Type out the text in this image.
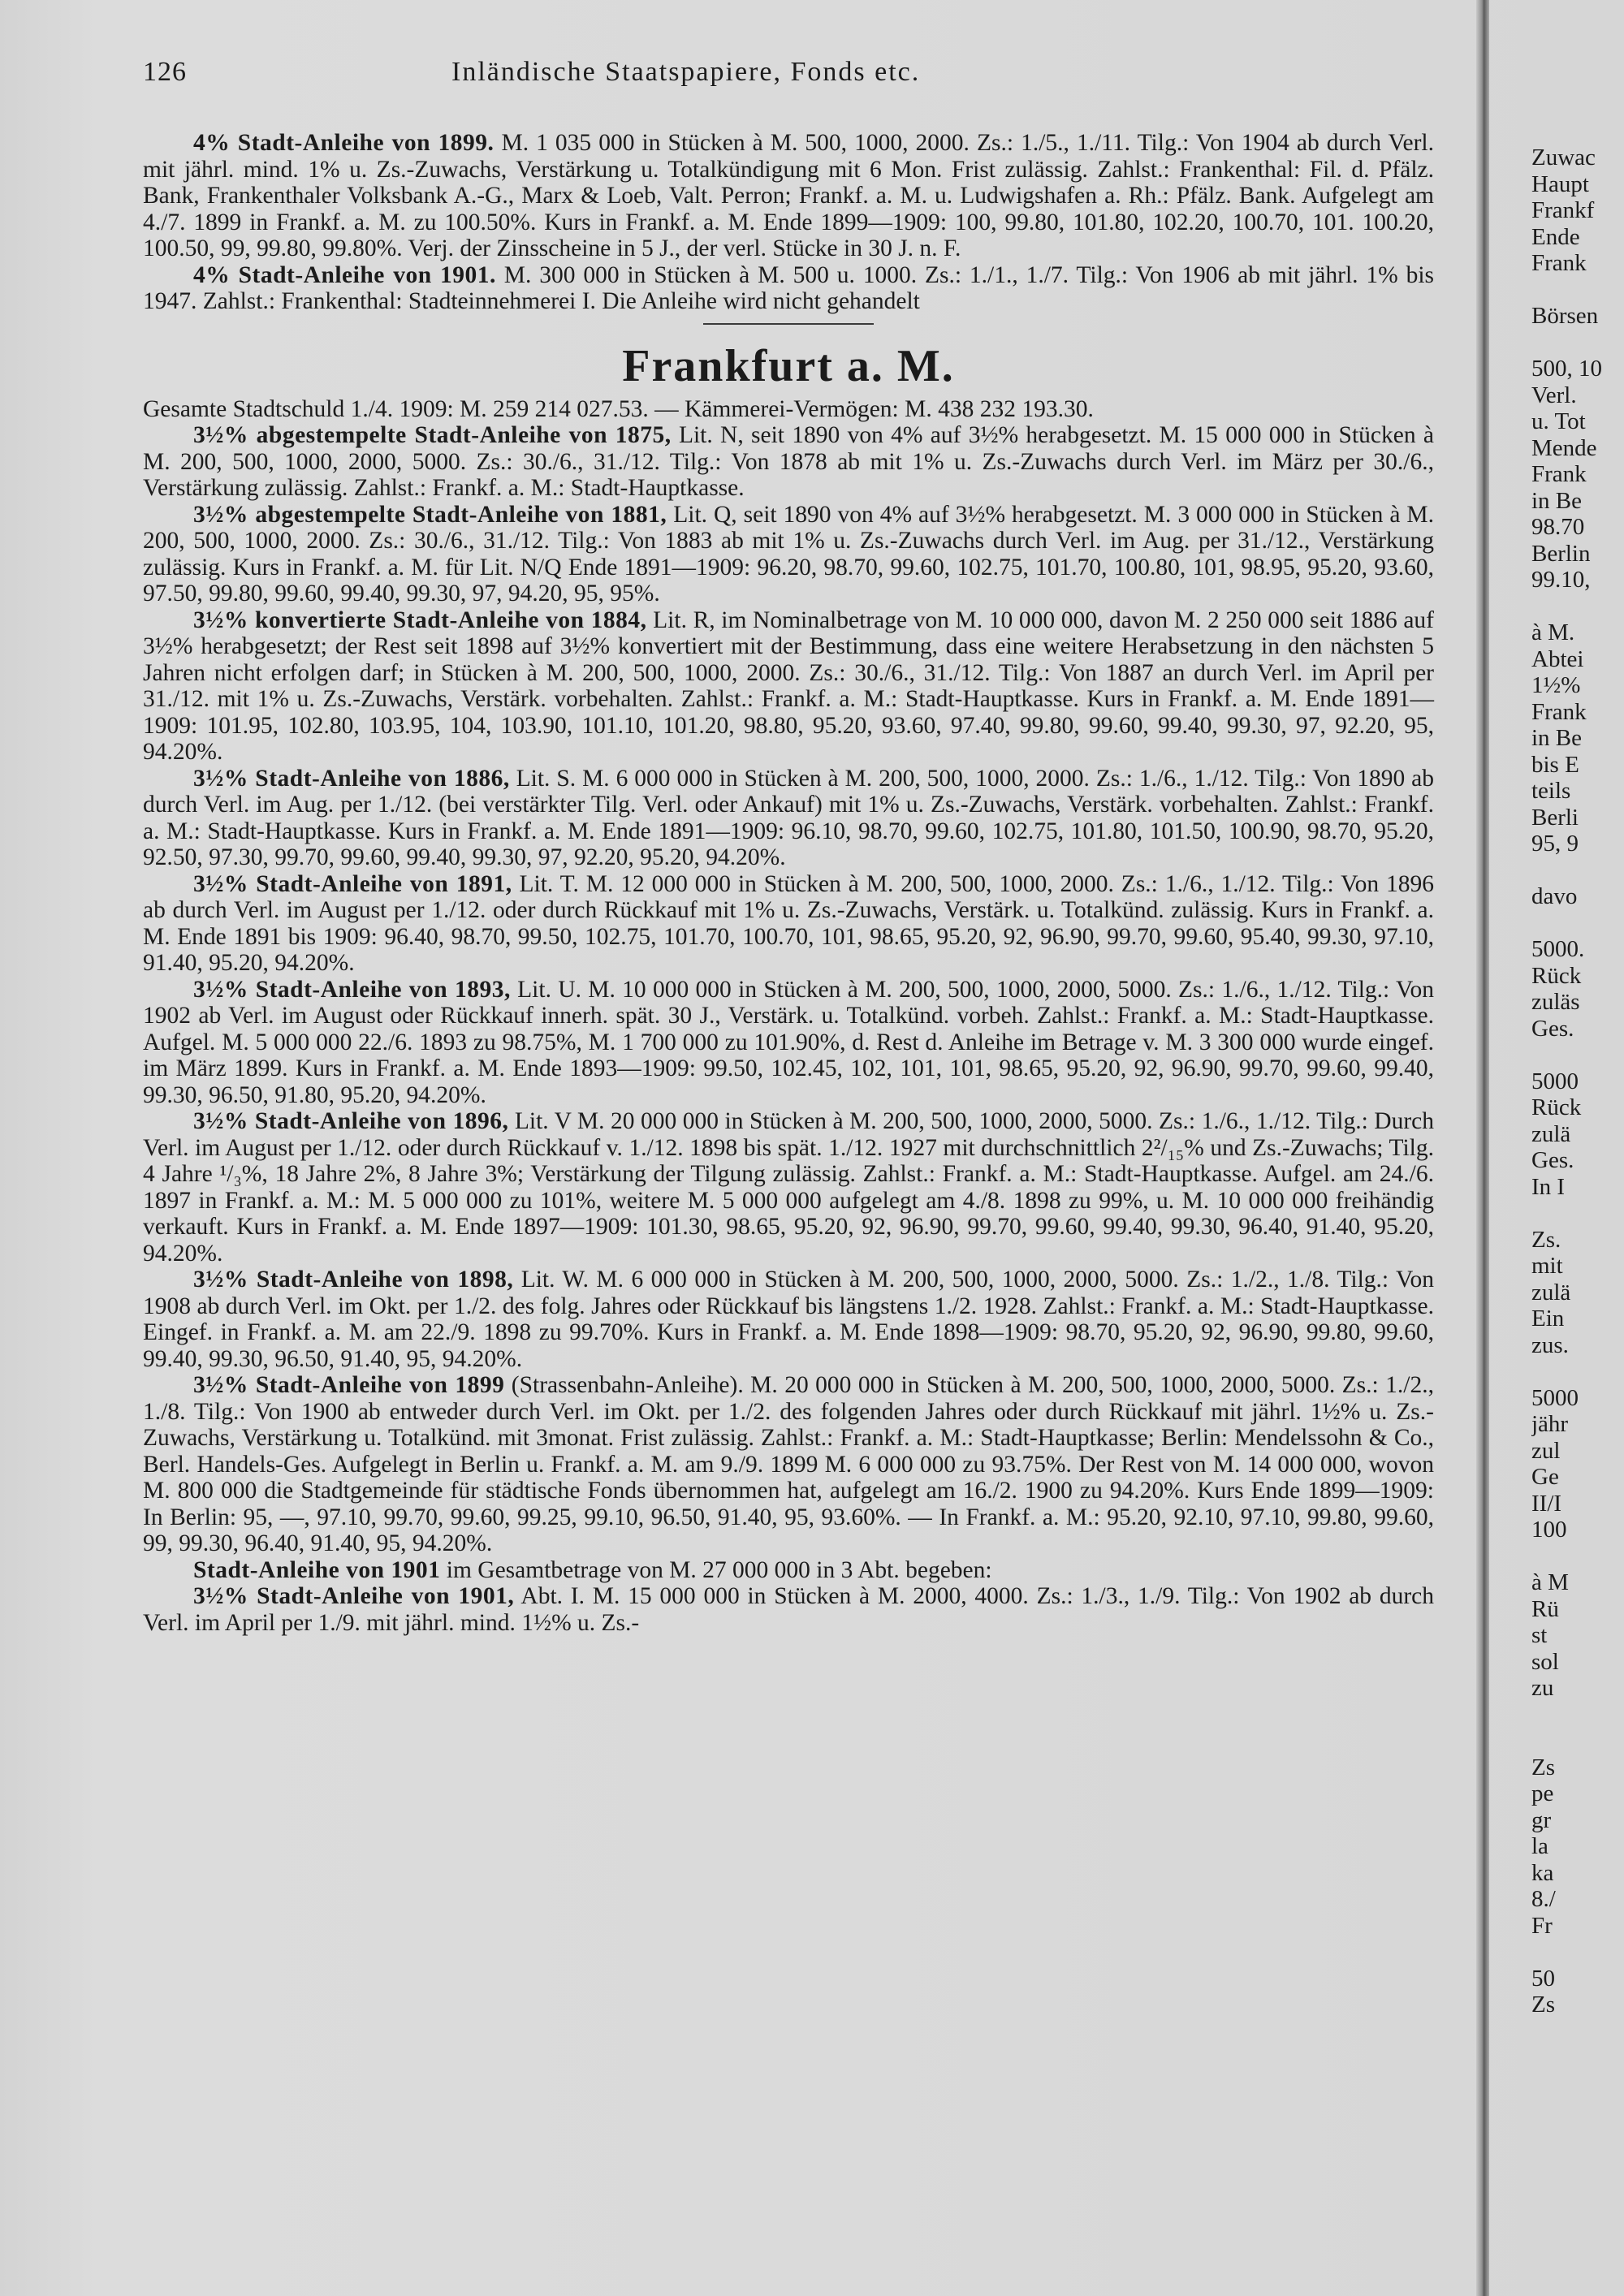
126	Inländische Staatspapiere, Fonds etc.

4% Stadt-Anleihe von 1899. M. 1 035 000 in Stücken à M. 500, 1000, 2000. Zs.: 1./5., 1./11. Tilg.: Von 1904 ab durch Verl. mit jährl. mind. 1% u. Zs.-Zuwachs, Verstärkung u. Totalkündigung mit 6 Mon. Frist zulässig. Zahlst.: Frankenthal: Fil. d. Pfälz. Bank, Frankenthaler Volksbank A.-G., Marx & Loeb, Valt. Perron; Frankf. a. M. u. Ludwigshafen a. Rh.: Pfälz. Bank. Aufgelegt am 4./7. 1899 in Frankf. a. M. zu 100.50%. Kurs in Frankf. a. M. Ende 1899—1909: 100, 99.80, 101.80, 102.20, 100.70, 101. 100.20, 100.50, 99, 99.80, 99.80%. Verj. der Zinsscheine in 5 J., der verl. Stücke in 30 J. n. F.

4% Stadt-Anleihe von 1901. M. 300 000 in Stücken à M. 500 u. 1000. Zs.: 1./1., 1./7. Tilg.: Von 1906 ab mit jährl. 1% bis 1947. Zahlst.: Frankenthal: Stadteinnehmerei I. Die Anleihe wird nicht gehandelt

Frankfurt a. M.

Gesamte Stadtschuld 1./4. 1909: M. 259 214 027.53. — Kämmerei-Vermögen: M. 438 232 193.30.

3½% abgestempelte Stadt-Anleihe von 1875, Lit. N, seit 1890 von 4% auf 3½% herabgesetzt. M. 15 000 000 in Stücken à M. 200, 500, 1000, 2000, 5000. Zs.: 30./6., 31./12. Tilg.: Von 1878 ab mit 1% u. Zs.-Zuwachs durch Verl. im März per 30./6., Verstärkung zulässig. Zahlst.: Frankf. a. M.: Stadt-Hauptkasse.

3½% abgestempelte Stadt-Anleihe von 1881, Lit. Q, seit 1890 von 4% auf 3½% herabgesetzt. M. 3 000 000 in Stücken à M. 200, 500, 1000, 2000. Zs.: 30./6., 31./12. Tilg.: Von 1883 ab mit 1% u. Zs.-Zuwachs durch Verl. im Aug. per 31./12., Verstärkung zulässig. Kurs in Frankf. a. M. für Lit. N/Q Ende 1891—1909: 96.20, 98.70, 99.60, 102.75, 101.70, 100.80, 101, 98.95, 95.20, 93.60, 97.50, 99.80, 99.60, 99.40, 99.30, 97, 94.20, 95, 95%.

3½% konvertierte Stadt-Anleihe von 1884, Lit. R, im Nominalbetrage von M. 10 000 000, davon M. 2 250 000 seit 1886 auf 3½% herabgesetzt; der Rest seit 1898 auf 3½% konvertiert mit der Bestimmung, dass eine weitere Herabsetzung in den nächsten 5 Jahren nicht erfolgen darf; in Stücken à M. 200, 500, 1000, 2000. Zs.: 30./6., 31./12. Tilg.: Von 1887 an durch Verl. im April per 31./12. mit 1% u. Zs.-Zuwachs, Verstärk. vorbehalten. Zahlst.: Frankf. a. M.: Stadt-Hauptkasse. Kurs in Frankf. a. M. Ende 1891—1909: 101.95, 102.80, 103.95, 104, 103.90, 101.10, 101.20, 98.80, 95.20, 93.60, 97.40, 99.80, 99.60, 99.40, 99.30, 97, 92.20, 95, 94.20%.

3½% Stadt-Anleihe von 1886, Lit. S. M. 6 000 000 in Stücken à M. 200, 500, 1000, 2000. Zs.: 1./6., 1./12. Tilg.: Von 1890 ab durch Verl. im Aug. per 1./12. (bei verstärkter Tilg. Verl. oder Ankauf) mit 1% u. Zs.-Zuwachs, Verstärk. vorbehalten. Zahlst.: Frankf. a. M.: Stadt-Hauptkasse. Kurs in Frankf. a. M. Ende 1891—1909: 96.10, 98.70, 99.60, 102.75, 101.80, 101.50, 100.90, 98.70, 95.20, 92.50, 97.30, 99.70, 99.60, 99.40, 99.30, 97, 92.20, 95.20, 94.20%.

3½% Stadt-Anleihe von 1891, Lit. T. M. 12 000 000 in Stücken à M. 200, 500, 1000, 2000. Zs.: 1./6., 1./12. Tilg.: Von 1896 ab durch Verl. im August per 1./12. oder durch Rückkauf mit 1% u. Zs.-Zuwachs, Verstärk. u. Totalkünd. zulässig. Kurs in Frankf. a. M. Ende 1891 bis 1909: 96.40, 98.70, 99.50, 102.75, 101.70, 100.70, 101, 98.65, 95.20, 92, 96.90, 99.70, 99.60, 95.40, 99.30, 97.10, 91.40, 95.20, 94.20%.

3½% Stadt-Anleihe von 1893, Lit. U. M. 10 000 000 in Stücken à M. 200, 500, 1000, 2000, 5000. Zs.: 1./6., 1./12. Tilg.: Von 1902 ab Verl. im August oder Rückkauf innerh. spät. 30 J., Verstärk. u. Totalkünd. vorbeh. Zahlst.: Frankf. a. M.: Stadt-Hauptkasse. Aufgel. M. 5 000 000 22./6. 1893 zu 98.75%, M. 1 700 000 zu 101.90%, d. Rest d. Anleihe im Betrage v. M. 3 300 000 wurde eingef. im März 1899. Kurs in Frankf. a. M. Ende 1893—1909: 99.50, 102.45, 102, 101, 101, 98.65, 95.20, 92, 96.90, 99.70, 99.60, 99.40, 99.30, 96.50, 91.80, 95.20, 94.20%.

3½% Stadt-Anleihe von 1896, Lit. V M. 20 000 000 in Stücken à M. 200, 500, 1000, 2000, 5000. Zs.: 1./6., 1./12. Tilg.: Durch Verl. im August per 1./12. oder durch Rückkauf v. 1./12. 1898 bis spät. 1./12. 1927 mit durchschnittlich 2²/₁₅% und Zs.-Zuwachs; Tilg. 4 Jahre ¹/₃%, 18 Jahre 2%, 8 Jahre 3%; Verstärkung der Tilgung zulässig. Zahlst.: Frankf. a. M.: Stadt-Hauptkasse. Aufgel. am 24./6. 1897 in Frankf. a. M.: M. 5 000 000 zu 101%, weitere M. 5 000 000 aufgelegt am 4./8. 1898 zu 99%, u. M. 10 000 000 freihändig verkauft. Kurs in Frankf. a. M. Ende 1897—1909: 101.30, 98.65, 95.20, 92, 96.90, 99.70, 99.60, 99.40, 99.30, 96.40, 91.40, 95.20, 94.20%.

3½% Stadt-Anleihe von 1898, Lit. W. M. 6 000 000 in Stücken à M. 200, 500, 1000, 2000, 5000. Zs.: 1./2., 1./8. Tilg.: Von 1908 ab durch Verl. im Okt. per 1./2. des folg. Jahres oder Rückkauf bis längstens 1./2. 1928. Zahlst.: Frankf. a. M.: Stadt-Hauptkasse. Eingef. in Frankf. a. M. am 22./9. 1898 zu 99.70%. Kurs in Frankf. a. M. Ende 1898—1909: 98.70, 95.20, 92, 96.90, 99.80, 99.60, 99.40, 99.30, 96.50, 91.40, 95, 94.20%.

3½% Stadt-Anleihe von 1899 (Strassenbahn-Anleihe). M. 20 000 000 in Stücken à M. 200, 500, 1000, 2000, 5000. Zs.: 1./2., 1./8. Tilg.: Von 1900 ab entweder durch Verl. im Okt. per 1./2. des folgenden Jahres oder durch Rückkauf mit jährl. 1½% u. Zs.-Zuwachs, Verstärkung u. Totalkünd. mit 3monat. Frist zulässig. Zahlst.: Frankf. a. M.: Stadt-Hauptkasse; Berlin: Mendelssohn & Co., Berl. Handels-Ges. Aufgelegt in Berlin u. Frankf. a. M. am 9./9. 1899 M. 6 000 000 zu 93.75%. Der Rest von M. 14 000 000, wovon M. 800 000 die Stadtgemeinde für städtische Fonds übernommen hat, aufgelegt am 16./2. 1900 zu 94.20%. Kurs Ende 1899—1909: In Berlin: 95, —, 97.10, 99.70, 99.60, 99.25, 99.10, 96.50, 91.40, 95, 93.60%. — In Frankf. a. M.: 95.20, 92.10, 97.10, 99.80, 99.60, 99, 99.30, 96.40, 91.40, 95, 94.20%.

Stadt-Anleihe von 1901 im Gesamtbetrage von M. 27 000 000 in 3 Abt. begeben:

3½% Stadt-Anleihe von 1901, Abt. I. M. 15 000 000 in Stücken à M. 2000, 4000. Zs.: 1./3., 1./9. Tilg.: Von 1902 ab durch Verl. im April per 1./9. mit jährl. mind. 1½% u. Zs.-

Zuwac
Haupt
Frankf
Ende
Frank
Börsen
500, 10
Verl.
u. Tot
Mende
Frank
in Be
98.70
Berlin
99.10,
à M.
Abtei
1½%
Frank
in Be
bis E
teils
Berli
95, 9
davo
5000.
Rück
zuläs
Ges.
5000
Rück
zulä
Ges.
In I
Zs.
mit
zulä
Ein
zus.
5000
jähr
zul
Ge
II/I
100
à M
Rü
st
sol
zu
Zs
pe
gr
la
ka
8./
Fr
50
Zs
